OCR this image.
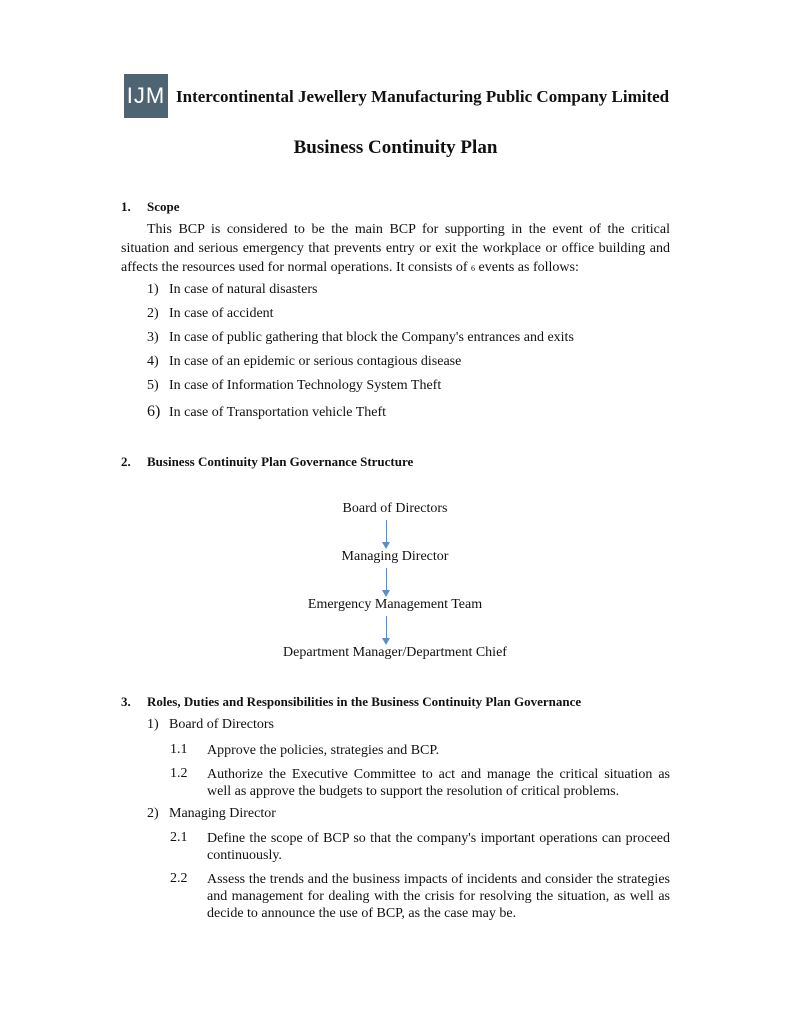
IJM Intercontinental Jewellery Manufacturing Public Company Limited
Business Continuity Plan
1. Scope
This BCP is considered to be the main BCP for supporting in the event of the critical situation and serious emergency that prevents entry or exit the workplace or office building and affects the resources used for normal operations. It consists of 6 events as follows:
1) In case of natural disasters
2) In case of accident
3) In case of public gathering that block the Company's entrances and exits
4) In case of an epidemic or serious contagious disease
5) In case of Information Technology System Theft
6) In case of Transportation vehicle Theft
2. Business Continuity Plan Governance Structure
Board of Directors
Managing Director
Emergency Management Team
Department Manager/Department Chief
3. Roles, Duties and Responsibilities in the Business Continuity Plan Governance
1) Board of Directors
1.1 Approve the policies, strategies and BCP.
1.2 Authorize the Executive Committee to act and manage the critical situation as well as approve the budgets to support the resolution of critical problems.
2) Managing Director
2.1 Define the scope of BCP so that the company's important operations can proceed continuously.
2.2 Assess the trends and the business impacts of incidents and consider the strategies and management for dealing with the crisis for resolving the situation, as well as decide to announce the use of BCP, as the case may be.
